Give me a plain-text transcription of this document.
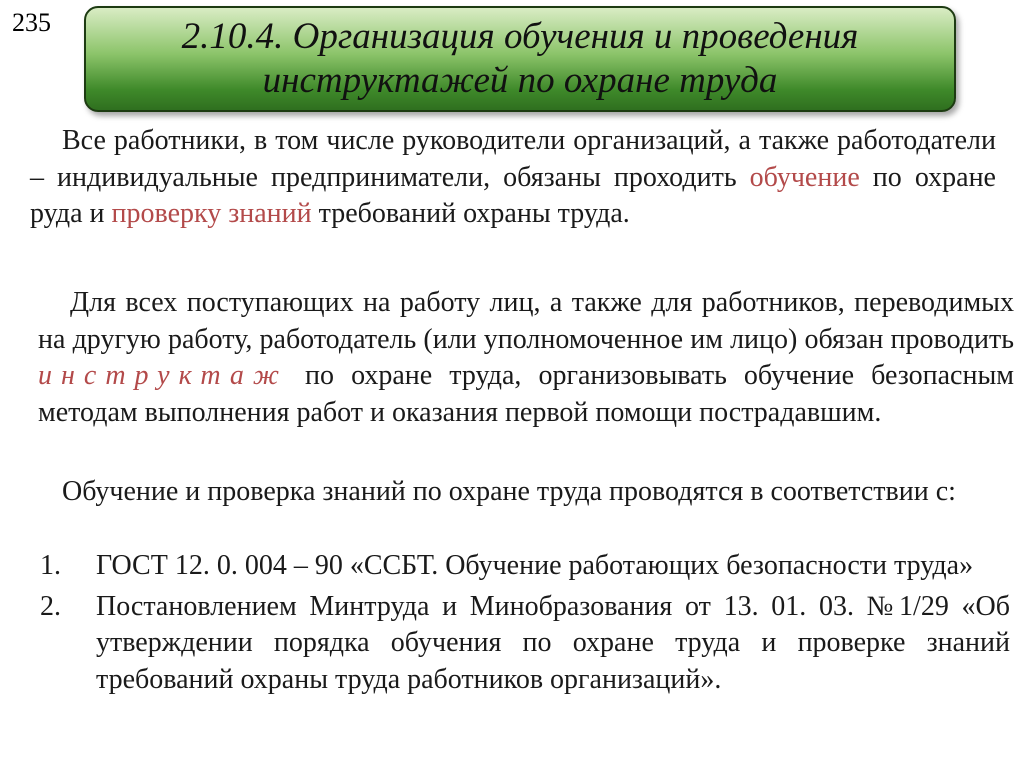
235	2.10.4. Организация обучения и проведения
инструктажей по охране труда

Все работники, в том числе руководители организаций, а также работодатели – индивидуальные предприниматели, обязаны проходить обучение по охране руда и проверку знаний требований охраны труда.

Для всех поступающих на работу лиц, а также для работников, переводимых на другую работу, работодатель (или уполномоченное им лицо) обязан проводить инструктаж по охране труда, организовывать обучение безопасным методам выполнения работ и оказания первой помощи пострадавшим.

Обучение и проверка знаний по охране труда проводятся в соответствии с:

1.	ГОСТ 12. 0. 004 – 90 «ССБТ. Обучение работающих безопасности труда»
2.	Постановлением Минтруда и Минобразования от 13. 01. 03. №1/29 «Об утверждении порядка обучения по охране труда и проверке знаний требований охраны труда работников организаций».
